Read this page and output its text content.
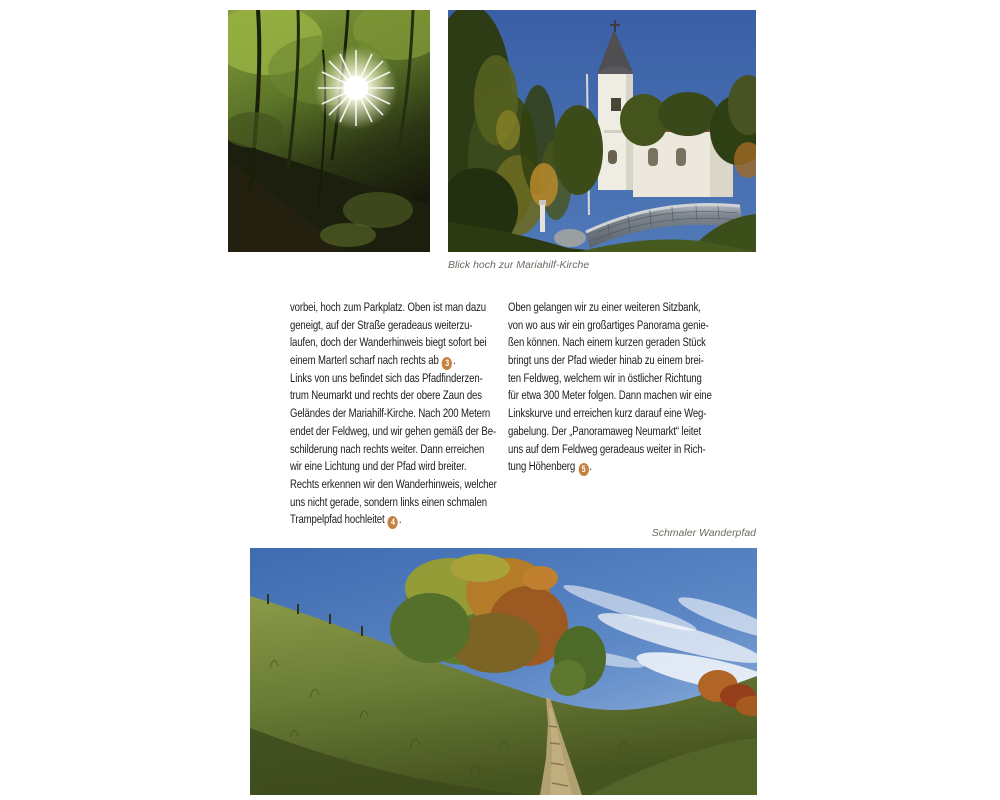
Blick hoch zur Mariahilf-Kirche
vorbei, hoch zum Parkplatz. Oben ist man dazu
geneigt, auf der Straße geradeaus weiterzu-
laufen, doch der Wanderhinweis biegt sofort bei
einem Marterl scharf nach rechts ab 3 .
Links von uns befindet sich das Pfadfinderzen-
trum Neumarkt und rechts der obere Zaun des
Geländes der Mariahilf-Kirche. Nach 200 Metern
endet der Feldweg, und wir gehen gemäß der Be-
schilderung nach rechts weiter. Dann erreichen
wir eine Lichtung und der Pfad wird breiter.
Rechts erkennen wir den Wanderhinweis, welcher
uns nicht gerade, sondern links einen schmalen
Trampelpfad hochleitet 4 .
Oben gelangen wir zu einer weiteren Sitzbank,
von wo aus wir ein großartiges Panorama genie-
ßen können. Nach einem kurzen geraden Stück
bringt uns der Pfad wieder hinab zu einem brei-
ten Feldweg, welchem wir in östlicher Richtung
für etwa 300 Meter folgen. Dann machen wir eine
Linkskurve und erreichen kurz darauf eine Weg-
gabelung. Der „Panoramaweg Neumarkt“ leitet
uns auf dem Feldweg geradeaus weiter in Rich-
tung Höhenberg 5 .
Schmaler Wanderpfad
